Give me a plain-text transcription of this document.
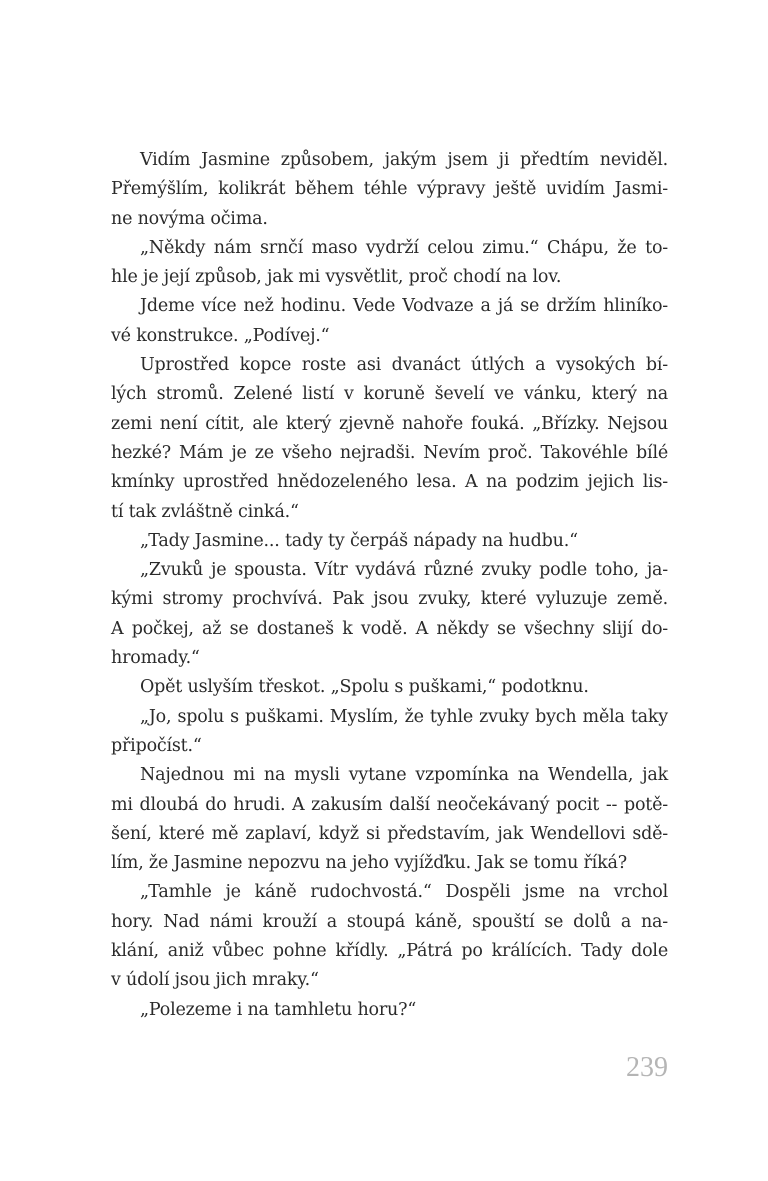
Vidím Jasmine způsobem, jakým jsem ji předtím neviděl.
Přemýšlím, kolikrát během téhle výpravy ještě uvidím Jasmi-
ne novýma očima.
„Někdy nám srnčí maso vydrží celou zimu.“ Chápu, že to-
hle je její způsob, jak mi vysvětlit, proč chodí na lov.
Jdeme více než hodinu. Vede Vodvaze a já se držím hliníko-
vé konstrukce. „Podívej.“
Uprostřed kopce roste asi dvanáct útlých a vysokých bí-
lých stromů. Zelené listí v koruně ševelí ve vánku, který na
zemi není cítit, ale který zjevně nahoře fouká. „Břízky. Nejsou
hezké? Mám je ze všeho nejradši. Nevím proč. Takovéhle bílé
kmínky uprostřed hnědozeleného lesa. A na podzim jejich lis-
tí tak zvláštně cinká.“
„Tady Jasmine... tady ty čerpáš nápady na hudbu.“
„Zvuků je spousta. Vítr vydává různé zvuky podle toho, ja-
kými stromy prochvívá. Pak jsou zvuky, které vyluzuje země.
A počkej, až se dostaneš k vodě. A někdy se všechny slijí do-
hromady.“
Opět uslyším třeskot. „Spolu s puškami,“ podotknu.
„Jo, spolu s puškami. Myslím, že tyhle zvuky bych měla taky
připočíst.“
Najednou mi na mysli vytane vzpomínka na Wendella, jak
mi dloubá do hrudi. A zakusím další neočekávaný pocit -- potě-
šení, které mě zaplaví, když si představím, jak Wendellovi sdě-
lím, že Jasmine nepozvu na jeho vyjížďku. Jak se tomu říká?
„Tamhle je káně rudochvostá.“ Dospěli jsme na vrchol
hory. Nad námi krouží a stoupá káně, spouští se dolů a na-
klání, aniž vůbec pohne křídly. „Pátrá po králících. Tady dole
v údolí jsou jich mraky.“
„Polezeme i na tamhletu horu?“
239
